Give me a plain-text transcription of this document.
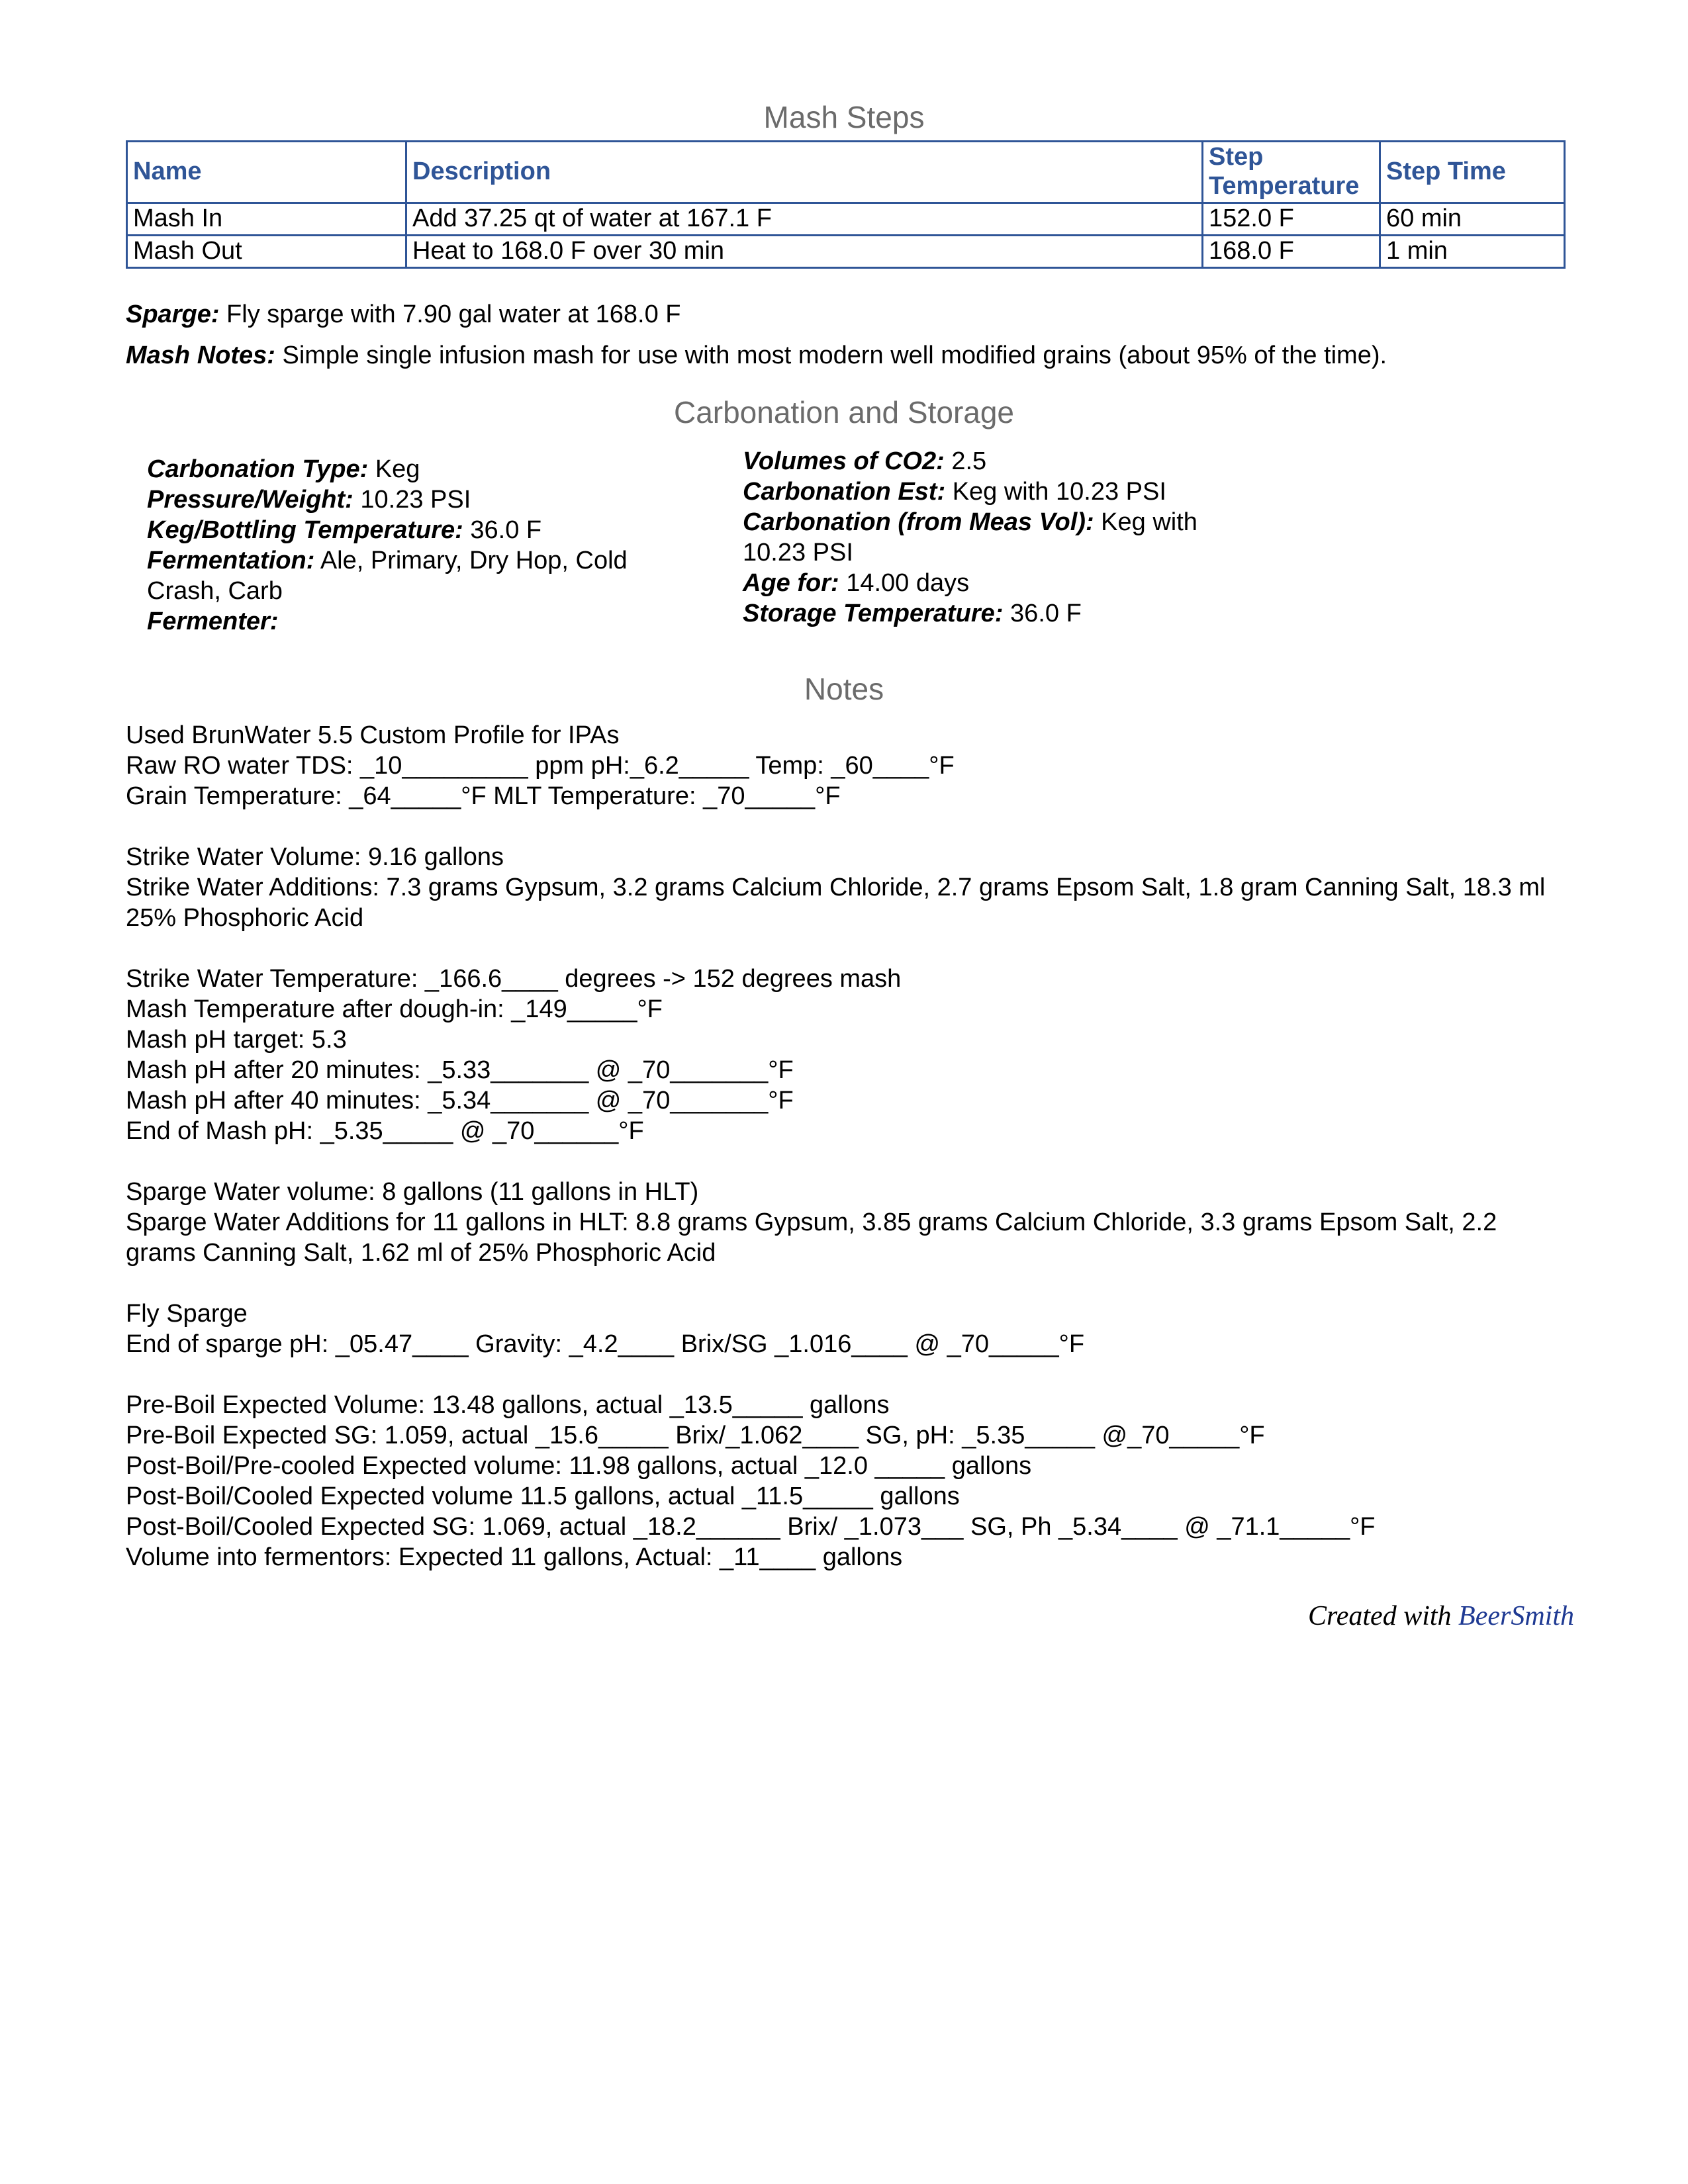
Mash Steps
Name	Description	Step Temperature	Step Time
Mash In	Add 37.25 qt of water at 167.1 F	152.0 F	60 min
Mash Out	Heat to 168.0 F over 30 min	168.0 F	1 min
Sparge: Fly sparge with 7.90 gal water at 168.0 F
Mash Notes: Simple single infusion mash for use with most modern well modified grains (about 95% of the time).
Carbonation and Storage
Carbonation Type: Keg
Pressure/Weight: 10.23 PSI
Keg/Bottling Temperature: 36.0 F
Fermentation: Ale, Primary, Dry Hop, Cold Crash, Carb
Fermenter:
Volumes of CO2: 2.5
Carbonation Est: Keg with 10.23 PSI
Carbonation (from Meas Vol): Keg with 10.23 PSI
Age for: 14.00 days
Storage Temperature: 36.0 F
Notes
Used BrunWater 5.5 Custom Profile for IPAs
Raw RO water TDS: _10_________ ppm pH:_6.2_____ Temp: _60____°F
Grain Temperature: _64_____°F MLT Temperature: _70_____°F
Strike Water Volume: 9.16 gallons
Strike Water Additions: 7.3 grams Gypsum, 3.2 grams Calcium Chloride, 2.7 grams Epsom Salt, 1.8 gram Canning Salt, 18.3 ml 25% Phosphoric Acid
Strike Water Temperature: _166.6____ degrees -> 152 degrees mash
Mash Temperature after dough-in: _149_____°F
Mash pH target: 5.3
Mash pH after 20 minutes: _5.33_______ @ _70_______°F
Mash pH after 40 minutes: _5.34_______ @ _70_______°F
End of Mash pH: _5.35_____ @ _70______°F
Sparge Water volume: 8 gallons (11 gallons in HLT)
Sparge Water Additions for 11 gallons in HLT: 8.8 grams Gypsum, 3.85 grams Calcium Chloride, 3.3 grams Epsom Salt, 2.2 grams Canning Salt, 1.62 ml of 25% Phosphoric Acid
Fly Sparge
End of sparge pH: _05.47____ Gravity: _4.2____ Brix/SG _1.016____ @ _70_____°F
Pre-Boil Expected Volume: 13.48 gallons, actual _13.5_____ gallons
Pre-Boil Expected SG: 1.059, actual _15.6_____ Brix/_1.062____ SG, pH: _5.35_____ @_70_____°F
Post-Boil/Pre-cooled Expected volume: 11.98 gallons, actual _12.0 _____ gallons
Post-Boil/Cooled Expected volume 11.5 gallons, actual _11.5_____ gallons
Post-Boil/Cooled Expected SG: 1.069, actual _18.2______ Brix/ _1.073___ SG, Ph _5.34____ @ _71.1_____°F
Volume into fermentors: Expected 11 gallons, Actual: _11____ gallons
Created with BeerSmith
